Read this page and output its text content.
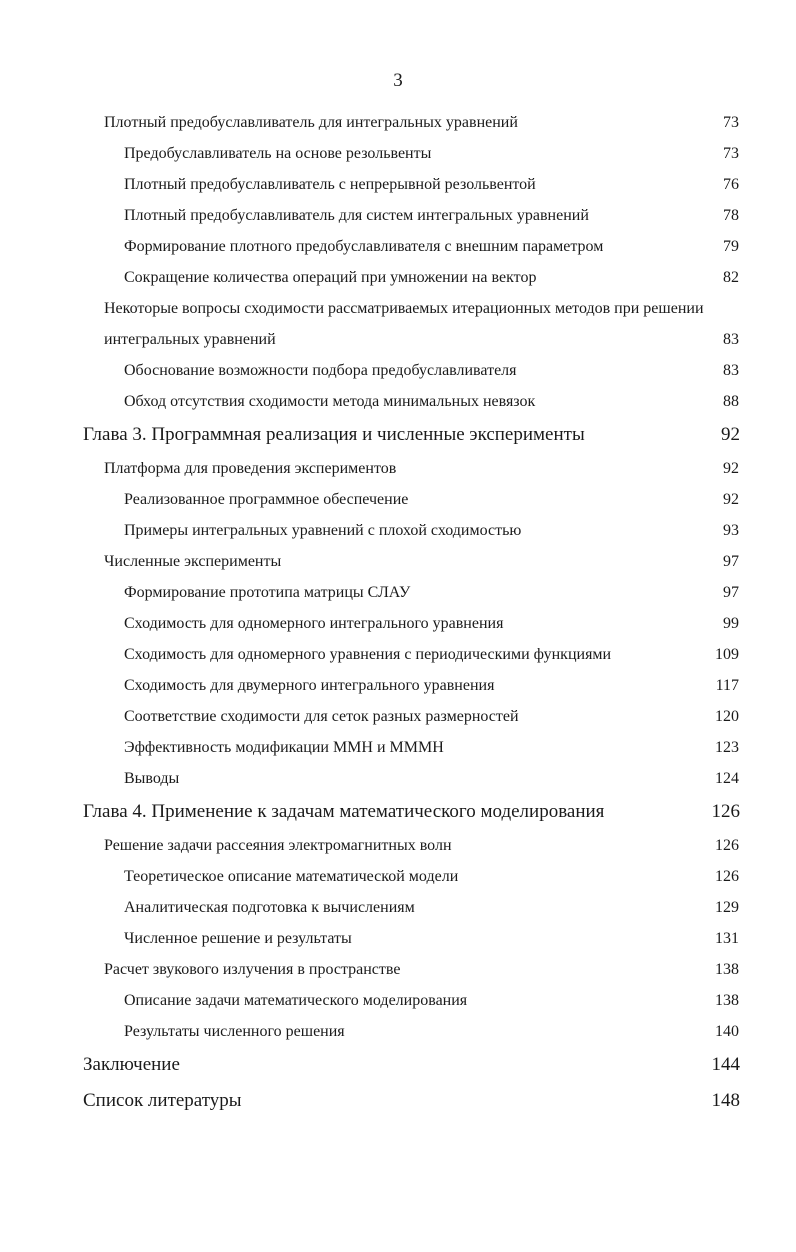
3
Плотный предобуславливатель для интегральных уравнений	73
Предобуславливатель на основе резольвенты	73
Плотный предобуславливатель с непрерывной резольвентой	76
Плотный предобуславливатель для систем интегральных уравнений	78
Формирование плотного предобуславливателя с внешним параметром	79
Сокращение количества операций при умножении на вектор	82
Некоторые вопросы сходимости рассматриваемых итерационных методов при решении
интегральных уравнений	83
Обоснование возможности подбора предобуславливателя	83
Обход отсутствия сходимости метода минимальных невязок	88
Глава 3. Программная реализация и численные эксперименты	92
Платформа для проведения экспериментов	92
Реализованное программное обеспечение	92
Примеры интегральных уравнений с плохой сходимостью	93
Численные эксперименты	97
Формирование прототипа матрицы СЛАУ	97
Сходимость для одномерного интегрального уравнения	99
Сходимость для одномерного уравнения с периодическими функциями	109
Сходимость для двумерного интегрального уравнения	117
Соответствие сходимости для сеток разных размерностей	120
Эффективность модификации ММН и МММН	123
Выводы	124
Глава 4. Применение к задачам математического моделирования	126
Решение задачи рассеяния электромагнитных волн	126
Теоретическое описание математической модели	126
Аналитическая подготовка к вычислениям	129
Численное решение и результаты	131
Расчет звукового излучения в пространстве	138
Описание задачи математического моделирования	138
Результаты численного решения	140
Заключение	144
Список литературы	148
